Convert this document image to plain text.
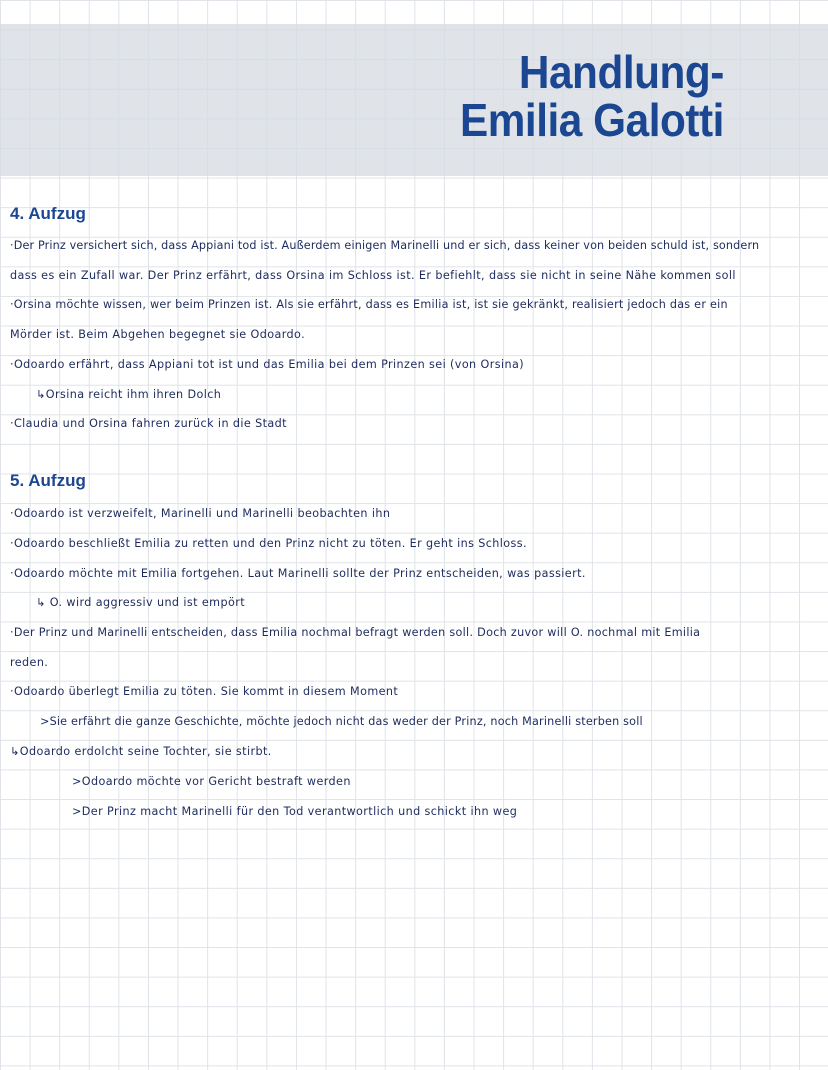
Handlung-
Emilia Galotti
4. Aufzug

·Der Prinz versichert sich, dass Appiani tod ist. Außerdem einigen Marinelli und er sich, dass keiner von beiden schuld ist, sondern

dass es ein Zufall war. Der Prinz erfährt, dass Orsina im Schloss ist. Er befiehlt, dass sie nicht in seine Nähe kommen soll

·Orsina möchte wissen, wer beim Prinzen ist. Als sie erfährt, dass es Emilia ist, ist sie gekränkt, realisiert jedoch das er ein

Mörder ist. Beim Abgehen begegnet sie Odoardo.

·Odoardo erfährt, dass Appiani tot ist und das Emilia bei dem Prinzen sei (von Orsina)

↳Orsina reicht ihm ihren Dolch

·Claudia und Orsina fahren zurück in die Stadt

5. Aufzug

·Odoardo ist verzweifelt, Marinelli und Marinelli beobachten ihn

·Odoardo beschließt Emilia zu retten und den Prinz nicht zu töten. Er geht ins Schloss.

·Odoardo möchte mit Emilia fortgehen. Laut Marinelli sollte der Prinz entscheiden, was passiert.

↳ O. wird aggressiv und ist empört

·Der Prinz und Marinelli entscheiden, dass Emilia nochmal befragt werden soll. Doch zuvor will O. nochmal mit Emilia

reden.

·Odoardo überlegt Emilia zu töten. Sie kommt in diesem Moment

>Sie erfährt die ganze Geschichte, möchte jedoch nicht das weder der Prinz, noch Marinelli sterben soll

↳Odoardo erdolcht seine Tochter, sie stirbt.

>Odoardo möchte vor Gericht bestraft werden

>Der Prinz macht Marinelli für den Tod verantwortlich und schickt ihn weg
